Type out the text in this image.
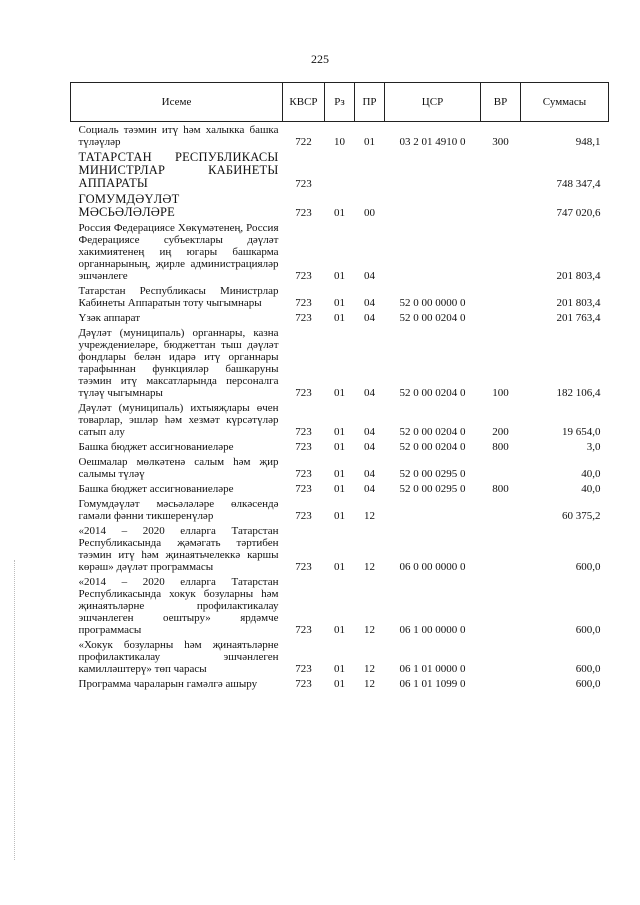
225
Исеме	КВСР	Рз	ПР	ЦСР	ВР	Суммасы
Социаль тәэмин итү һәм халыкка башка түләүләр	722	10	01	03 2 01 4910 0	300	948,1
ТАТАРСТАН РЕСПУБЛИКАСЫ МИНИСТРЛАР КАБИНЕТЫ АППАРАТЫ	723					748 347,4
ГОМУМДӘҮЛӘТ МӘСЬӘЛӘЛӘРЕ	723	01	00			747 020,6
Россия Федерациясе Хөкүмәтенең, Россия Федерациясе субъектлары дәүләт хакимиятенең иң югары башкарма органнарының, җирле администрацияләр эшчәнлеге	723	01	04			201 803,4
Татарстан Республикасы Министрлар Кабинеты Аппаратын тоту чыгымнары	723	01	04	52 0 00 0000 0		201 803,4
Үзәк аппарат	723	01	04	52 0 00 0204 0		201 763,4
Дәүләт (муниципаль) органнары, казна учреждениеләре, бюджеттан тыш дәүләт фондлары белән идарә итү органнары тарафыннан функцияләр башкаруны тәэмин итү максатларында персоналга түләү чыгымнары	723	01	04	52 0 00 0204 0	100	182 106,4
Дәүләт (муниципаль) ихтыяҗлары өчен товарлар, эшләр һәм хезмәт күрсәтүләр сатып алу	723	01	04	52 0 00 0204 0	200	19 654,0
Башка бюджет ассигнованиеләре	723	01	04	52 0 00 0204 0	800	3,0
Оешмалар мөлкәтенә салым һәм җир салымы түләү	723	01	04	52 0 00 0295 0		40,0
Башка бюджет ассигнованиеләре	723	01	04	52 0 00 0295 0	800	40,0
Гомумдәүләт мәсьәләләре өлкәсендә гамәли фәнни тикшеренүләр	723	01	12			60 375,2
«2014 – 2020 елларга Татарстан Республикасында җәмәгать тәртибен тәэмин итү һәм җинаятьчелеккә каршы көрәш» дәүләт программасы	723	01	12	06 0 00 0000 0		600,0
«2014 – 2020 елларга Татарстан Республикасында хокук бозуларны һәм җинаятьләрне профилактикалау эшчәнлеген оештыру» ярдәмче программасы	723	01	12	06 1 00 0000 0		600,0
«Хокук бозуларны һәм җинаятьләрне профилактикалау эшчәнлеген камилләштерү» төп чарасы	723	01	12	06 1 01 0000 0		600,0
Программа чараларын гамәлгә ашыру	723	01	12	06 1 01 1099 0		600,0
